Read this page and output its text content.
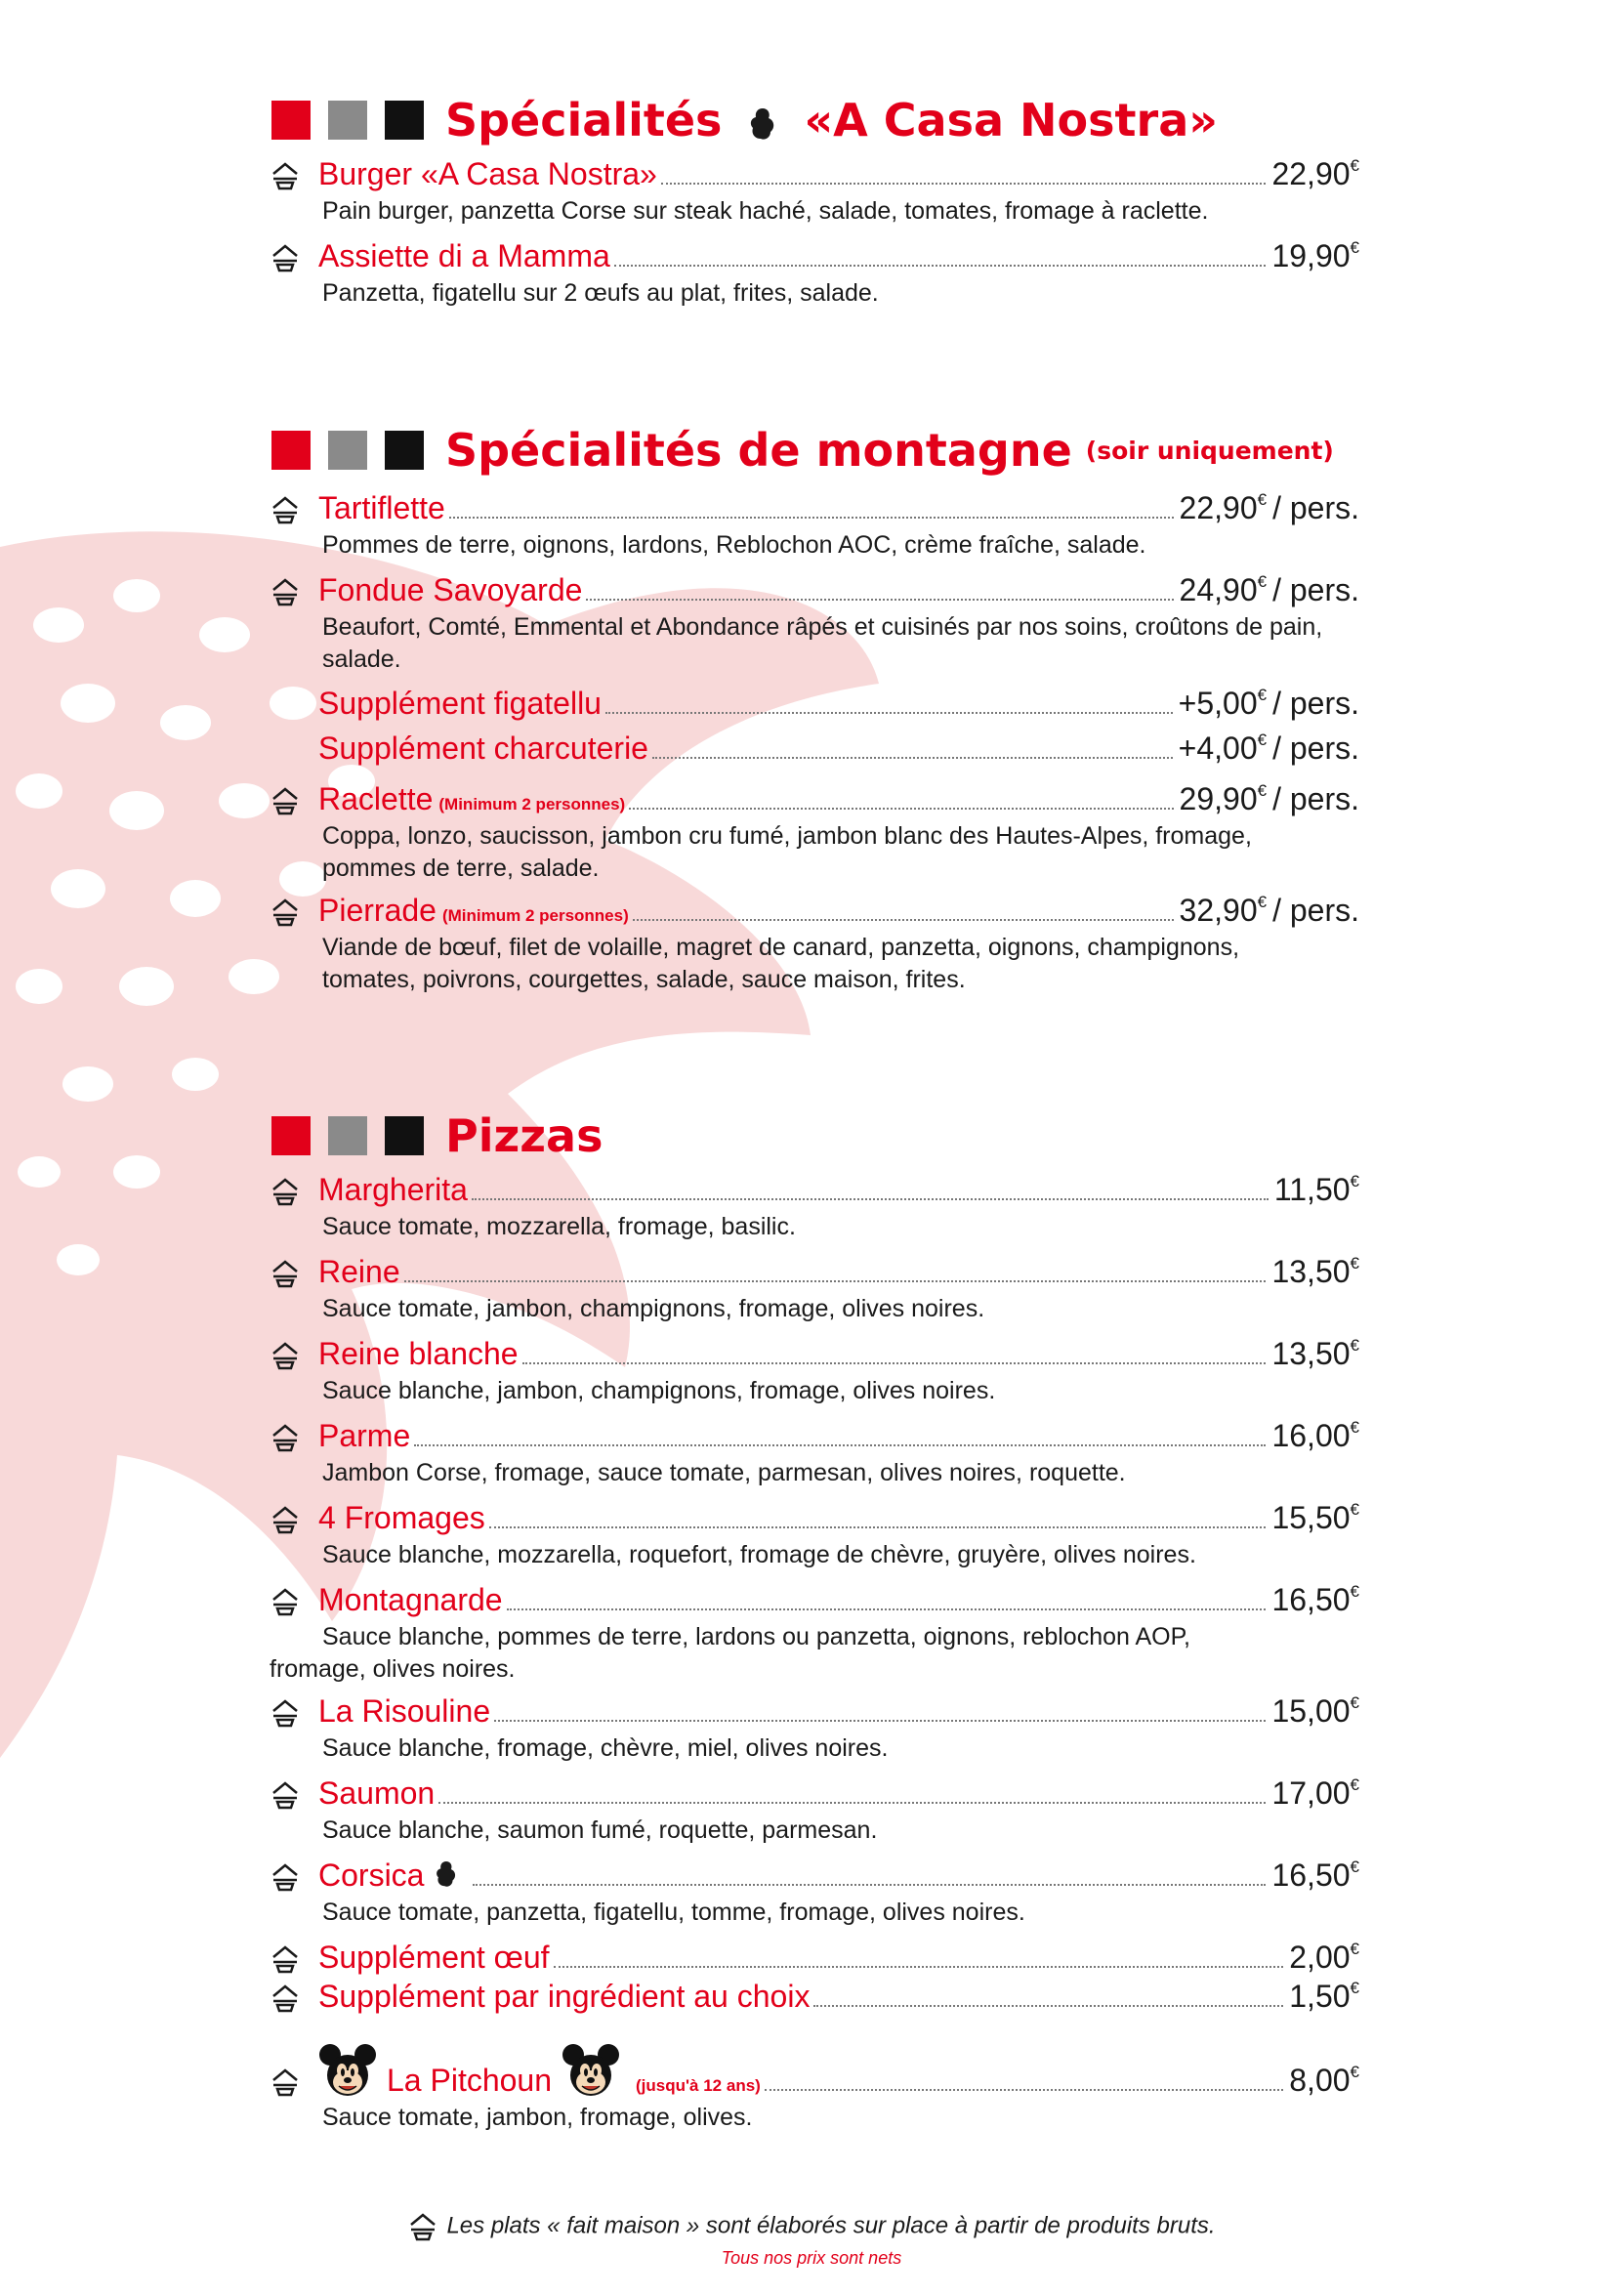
Spécialités «A Casa Nostra»
Burger «A Casa Nostra»	22,90€
Pain burger, panzetta Corse sur steak haché, salade, tomates, fromage à raclette.
Assiette di a Mamma	19,90€
Panzetta, figatellu sur 2 œufs au plat, frites, salade.
Spécialités de montagne (soir uniquement)
Tartiflette	22,90€ / pers.
Pommes de terre, oignons, lardons, Reblochon AOC, crème fraîche, salade.
Fondue Savoyarde	24,90€ / pers.
Beaufort, Comté, Emmental et Abondance râpés et cuisinés par nos soins, croûtons de pain, salade.
Supplément figatellu	+5,00€ / pers.
Supplément charcuterie	+4,00€ / pers.
Raclette (Minimum 2 personnes)	29,90€ / pers.
Coppa, lonzo, saucisson, jambon cru fumé, jambon blanc des Hautes-Alpes, fromage, pommes de terre, salade.
Pierrade (Minimum 2 personnes)	32,90€ / pers.
Viande de bœuf, filet de volaille, magret de canard, panzetta, oignons, champignons, tomates, poivrons, courgettes, salade, sauce maison, frites.
Pizzas
Margherita	11,50€
Sauce tomate, mozzarella, fromage, basilic.
Reine	13,50€
Sauce tomate, jambon, champignons, fromage, olives noires.
Reine blanche	13,50€
Sauce blanche, jambon, champignons, fromage, olives noires.
Parme	16,00€
Jambon Corse, fromage, sauce tomate, parmesan, olives noires, roquette.
4 Fromages	15,50€
Sauce blanche, mozzarella, roquefort, fromage de chèvre, gruyère, olives noires.
Montagnarde	16,50€
Sauce blanche, pommes de terre, lardons ou panzetta, oignons, reblochon AOP, fromage, olives noires.
La Risouline	15,00€
Sauce blanche, fromage, chèvre, miel, olives noires.
Saumon	17,00€
Sauce blanche, saumon fumé, roquette, parmesan.
Corsica	16,50€
Sauce tomate, panzetta, figatellu, tomme, fromage, olives noires.
Supplément œuf	2,00€
Supplément par ingrédient au choix	1,50€
La Pitchoun	(jusqu'à 12 ans)	8,00€
Sauce tomate, jambon, fromage, olives.
Les plats « fait maison » sont élaborés sur place à partir de produits bruts.
Tous nos prix sont nets
